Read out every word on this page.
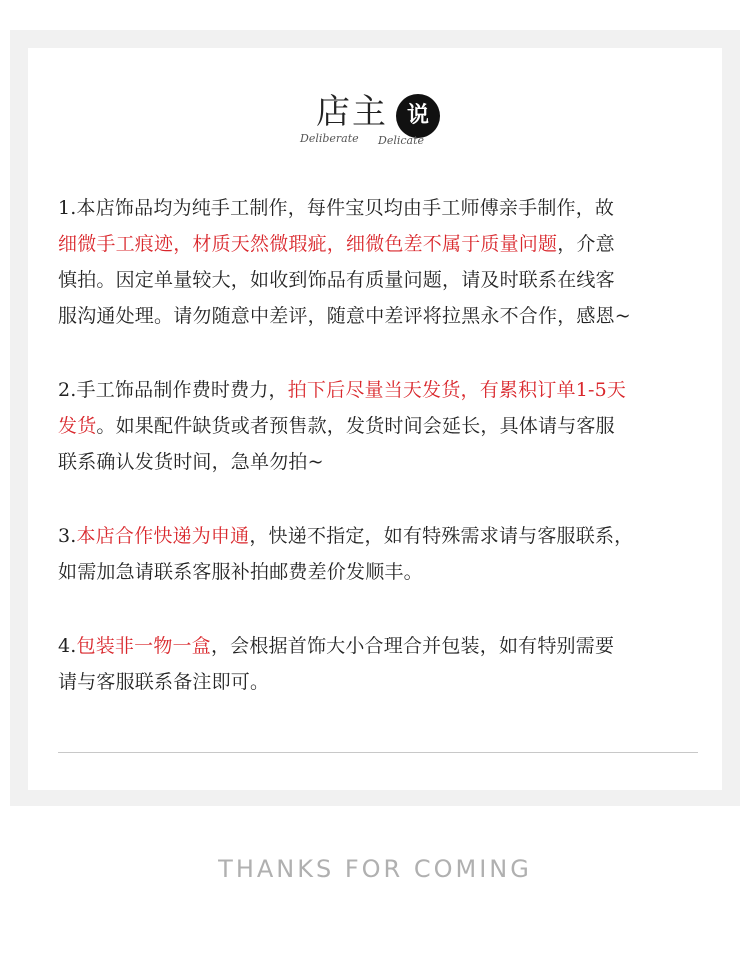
店主 说
Deliberate Delicate

1.本店饰品均为纯手工制作，每件宝贝均由手工师傅亲手制作，故

细微手工痕迹，材质天然微瑕疵，细微色差不属于质量问题，介意

慎拍。因定单量较大，如收到饰品有质量问题，请及时联系在线客

服沟通处理。请勿随意中差评，随意中差评将拉黑永不合作，感恩~

2.手工饰品制作费时费力，拍下后尽量当天发货，有累积订单1-5天

发货。如果配件缺货或者预售款，发货时间会延长，具体请与客服

联系确认发货时间，急单勿拍~

3.本店合作快递为申通，快递不指定，如有特殊需求请与客服联系，

如需加急请联系客服补拍邮费差价发顺丰。

4.包装非一物一盒，会根据首饰大小合理合并包装，如有特别需要

请与客服联系备注即可。

THANKS FOR COMING
